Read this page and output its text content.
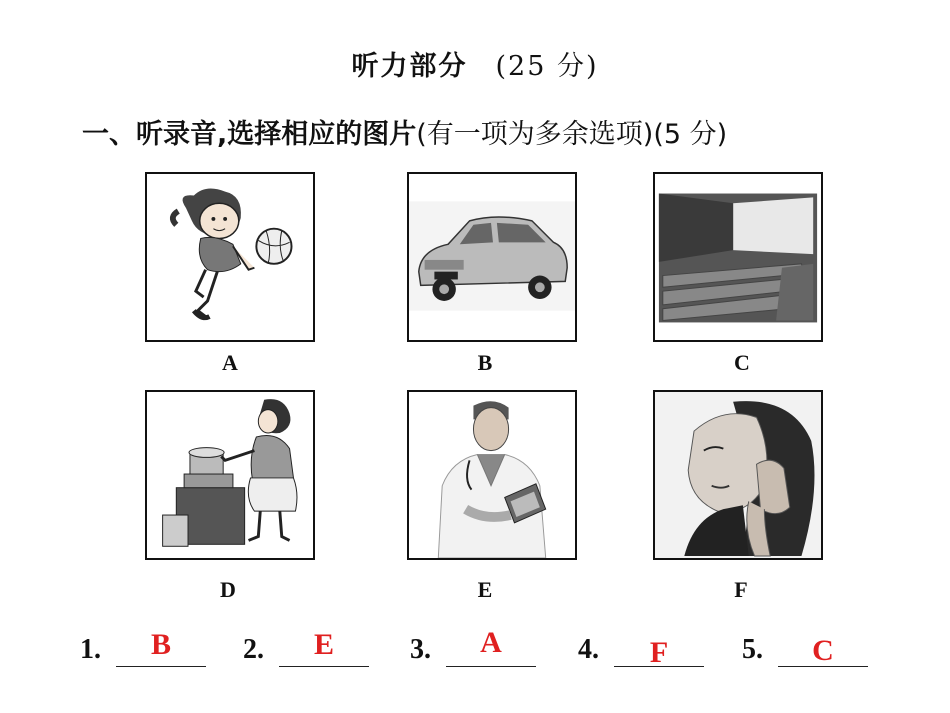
听力部分 (25 分)
一、听录音,选择相应的图片(有一项为多余选项)(5 分)
A	B	C
D	E	F
1.	B	2.	E	3.	A	4.	F	5.	C
